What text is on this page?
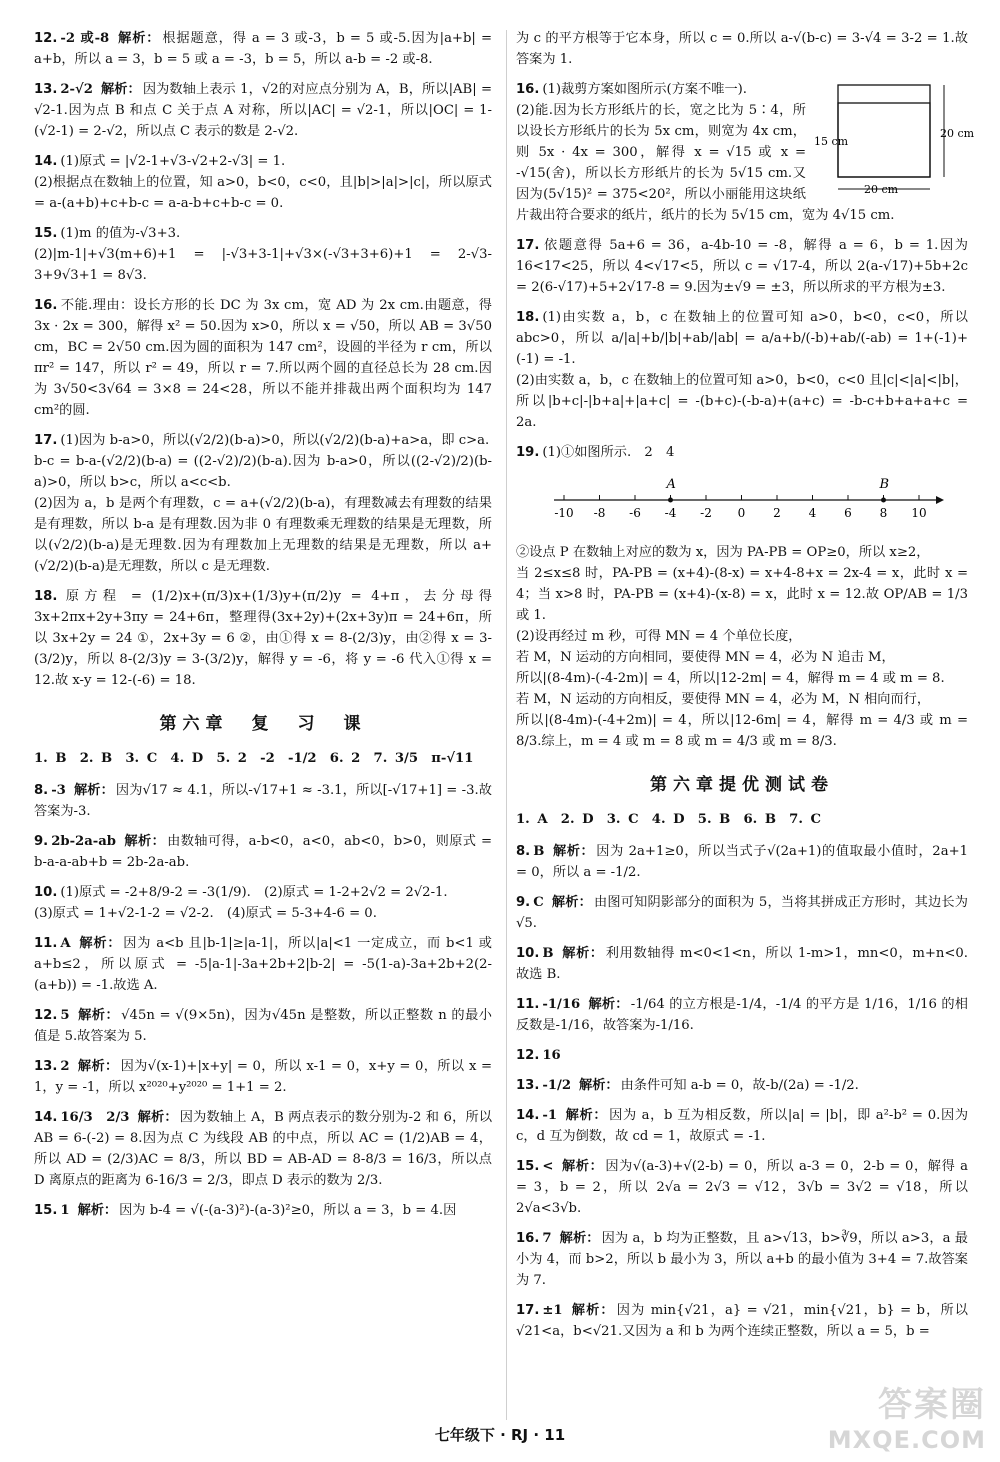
12. -2 或-8 解析： 根据题意，得 a = 3 或-3，b = 5 或-5.因为|a+b| = a+b，所以 a = 3，b = 5 或 a = -3，b = 5，所以 a-b = -2 或-8.
13. 2-√2 解析： 因为数轴上表示 1，√2的对应点分别为 A，B，所以|AB| = √2-1.因为点 B 和点 C 关于点 A 对称，所以|AC| = √2-1，所以|OC| = 1-(√2-1) = 2-√2，所以点 C 表示的数是 2-√2.
14. (1)原式 = |√2-1+√3-√2+2-√3| = 1.
(2)根据点在数轴上的位置，知 a>0，b<0，c<0，且|b|>|a|>|c|，所以原式 = a-(a+b)+c+b-c = a-a-b+c+b-c = 0.
15. (1)m 的值为-√3+3.
(2)|m-1|+√3(m+6)+1 = |-√3+3-1|+√3×(-√3+3+6)+1 = 2-√3-3+9√3+1 = 8√3.
16. 不能.理由：设长方形的长 DC 为 3x cm，宽 AD 为 2x cm.由题意，得 3x · 2x = 300，解得 x² = 50.因为 x>0，所以 x = √50，所以 AB = 3√50 cm，BC = 2√50 cm.因为圆的面积为 147 cm²，设圆的半径为 r cm，所以 πr² = 147，所以 r² = 49，所以 r = 7.所以两个圆的直径总长为 28 cm.因为 3√50<3√64 = 3×8 = 24<28，所以不能并排裁出两个面积均为 147 cm²的圆.
17. (1)因为 b-a>0，所以(√2/2)(b-a)>0，所以(√2/2)(b-a)+a>a，即 c>a.
b-c = b-a-(√2/2)(b-a) = ((2-√2)/2)(b-a).因为 b-a>0，所以((2-√2)/2)(b-a)>0，所以 b>c，所以 a<c<b.
(2)因为 a，b 是两个有理数，c = a+(√2/2)(b-a)，有理数减去有理数的结果是有理数，所以 b-a 是有理数.因为非 0 有理数乘无理数的结果是无理数，所以(√2/2)(b-a)是无理数.因为有理数加上无理数的结果是无理数，所以 a+(√2/2)(b-a)是无理数，所以 c 是无理数.
18. 原方程 = (1/2)x+(π/3)x+(1/3)y+(π/2)y = 4+π，去分母得 3x+2πx+2y+3πy = 24+6π，整理得(3x+2y)+(2x+3y)π = 24+6π，所以 3x+2y = 24 ①，2x+3y = 6 ②，由①得 x = 8-(2/3)y，由②得 x = 3-(3/2)y，所以 8-(2/3)y = 3-(3/2)y，解得 y = -6，将 y = -6 代入①得 x = 12.故 x-y = 12-(-6) = 18.
第六章　复　习　课
1. B　2. B　3. C　4. D　5. 2　-2　-1/2　6. 2　7. 3/5　π-√11
8. -3 解析： 因为√17 ≈ 4.1，所以-√17+1 ≈ -3.1，所以[-√17+1] = -3.故答案为-3.
9. 2b-2a-ab 解析： 由数轴可得，a-b<0，a<0，ab<0，b>0，则原式 = b-a-a-ab+b = 2b-2a-ab.
10. (1)原式 = -2+8/9-2 = -3(1/9).　(2)原式 = 1-2+2√2 = 2√2-1.
(3)原式 = 1+√2-1-2 = √2-2.　(4)原式 = 5-3+4-6 = 0.
11. A 解析： 因为 a<b 且|b-1|≥|a-1|，所以|a|<1 一定成立，而 b<1 或 a+b≤2，所以原式 = -5|a-1|-3a+2b+2|b-2| = -5(1-a)-3a+2b+2(2-(a+b)) = -1.故选 A.
12. 5 解析： √45n = √(9×5n)，因为√45n 是整数，所以正整数 n 的最小值是 5.故答案为 5.
13. 2 解析： 因为√(x-1)+|x+y| = 0，所以 x-1 = 0，x+y = 0，所以 x = 1，y = -1，所以 x²⁰²⁰+y²⁰²⁰ = 1+1 = 2.
14. 16/3　2/3 解析： 因为数轴上 A，B 两点表示的数分别为-2 和 6，所以 AB = 6-(-2) = 8.因为点 C 为线段 AB 的中点，所以 AC = (1/2)AB = 4，所以 AD = (2/3)AC = 8/3，所以 BD = AB-AD = 8-8/3 = 16/3，所以点 D 离原点的距离为 6-16/3 = 2/3，即点 D 表示的数为 2/3.
15. 1 解析： 因为 b-4 = √(-(a-3)²)-(a-3)²≥0，所以 a = 3，b = 4.因
为 c 的平方根等于它本身，所以 c = 0.所以 a-√(b-c) = 3-√4 = 3-2 = 1.故答案为 1.
20 cm
15 cm
20 cm
16. (1)裁剪方案如图所示(方案不唯一).
(2)能.因为长方形纸片的长，宽之比为 5∶4，所以设长方形纸片的长为 5x cm，则宽为 4x cm，则 5x · 4x = 300，解得 x = √15 或 x = -√15(舍)，所以长方形纸片的长为 5√15 cm.又因为(5√15)² = 375<20²，所以小丽能用这块纸片裁出符合要求的纸片，纸片的长为 5√15 cm，宽为 4√15 cm.
17. 依题意得 5a+6 = 36，a-4b-10 = -8，解得 a = 6，b = 1.因为 16<17<25，所以 4<√17<5，所以 c = √17-4，所以 2(a-√17)+5b+2c = 2(6-√17)+5+2√17-8 = 9.因为±√9 = ±3，所以所求的平方根为±3.
18. (1)由实数 a，b，c 在数轴上的位置可知 a>0，b<0，c<0，所以 abc>0，所以 a/|a|+b/|b|+ab/|ab| = a/a+b/(-b)+ab/(-ab) = 1+(-1)+(-1) = -1.
(2)由实数 a，b，c 在数轴上的位置可知 a>0，b<0，c<0 且|c|<|a|<|b|，所以|b+c|-|b+a|+|a+c| = -(b+c)-(-b-a)+(a+c) = -b-c+b+a+a+c = 2a.
19. (1)①如图所示.　2　4
-10 -8 -6 -4 -2 0 2 4 6 8 10
A	B
②设点 P 在数轴上对应的数为 x，因为 PA-PB = OP≥0，所以 x≥2，
当 2≤x≤8 时，PA-PB = (x+4)-(8-x) = x+4-8+x = 2x-4 = x，此时 x = 4；当 x>8 时，PA-PB = (x+4)-(x-8) = x，此时 x = 12.故 OP/AB = 1/3 或 1.
(2)设再经过 m 秒，可得 MN = 4 个单位长度，
若 M，N 运动的方向相同，要使得 MN = 4，必为 N 追击 M，
所以|(8-4m)-(-4-2m)| = 4，所以|12-2m| = 4，解得 m = 4 或 m = 8.
若 M，N 运动的方向相反，要使得 MN = 4，必为 M，N 相向而行，
所以|(8-4m)-(-4+2m)| = 4，所以|12-6m| = 4，解得 m = 4/3 或 m = 8/3.综上，m = 4 或 m = 8 或 m = 4/3 或 m = 8/3.
第六章提优测试卷
1. A　2. D　3. C　4. D　5. B　6. B　7. C
8. B 解析： 因为 2a+1≥0，所以当式子√(2a+1)的值取最小值时，2a+1 = 0，所以 a = -1/2.
9. C 解析： 由图可知阴影部分的面积为 5，当将其拼成正方形时，其边长为√5.
10. B 解析： 利用数轴得 m<0<1<n，所以 1-m>1，mn<0，m+n<0.故选 B.
11. -1/16 解析： -1/64 的立方根是-1/4，-1/4 的平方是 1/16，1/16 的相反数是-1/16，故答案为-1/16.
12. 16
13. -1/2 解析： 由条件可知 a-b = 0，故-b/(2a) = -1/2.
14. -1 解析： 因为 a，b 互为相反数，所以|a| = |b|，即 a²-b² = 0.因为 c，d 互为倒数，故 cd = 1，故原式 = -1.
15. < 解析： 因为√(a-3)+√(2-b) = 0，所以 a-3 = 0，2-b = 0，解得 a = 3，b = 2，所以 2√a = 2√3 = √12，3√b = 3√2 = √18，所以 2√a<3√b.
16. 7 解析： 因为 a，b 均为正整数，且 a>√13，b>∛9，所以 a>3，a 最小为 4，而 b>2，所以 b 最小为 3，所以 a+b 的最小值为 3+4 = 7.故答案为 7.
17. ±1 解析： 因为 min{√21，a} = √21，min{√21，b} = b，所以√21<a，b<√21.又因为 a 和 b 为两个连续正整数，所以 a = 5，b =
七年级下 · RJ · 11
答案圈
MXQE.COM
